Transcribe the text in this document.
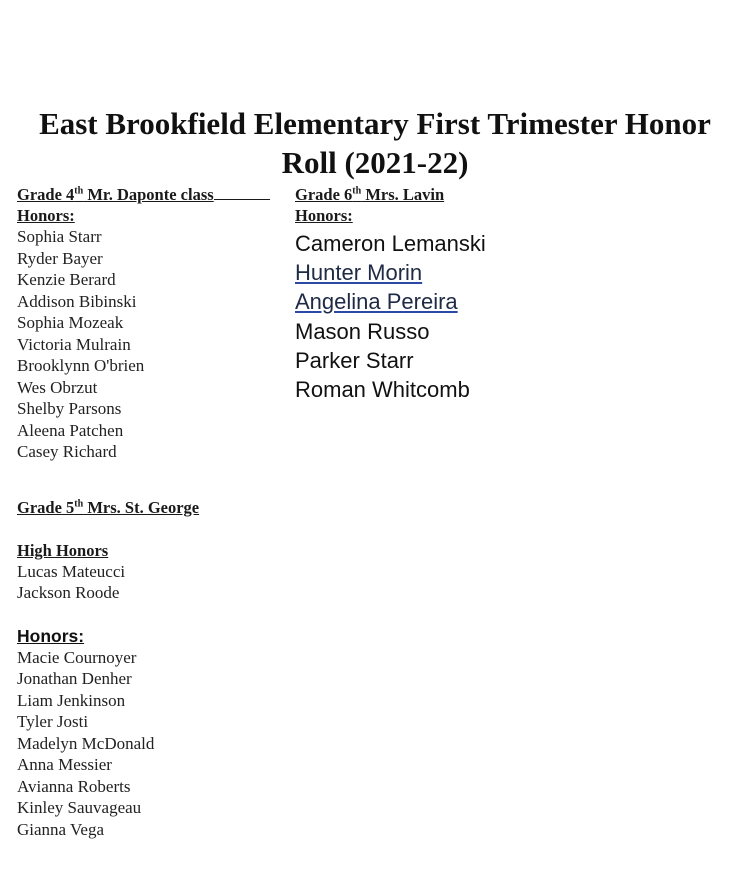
East Brookfield Elementary First Trimester Honor
Roll (2021-22)
Grade 4th Mr. Daponte class
Honors:
Sophia Starr
Ryder Bayer
Kenzie Berard
Addison Bibinski
Sophia Mozeak
Victoria Mulrain
Brooklynn O'brien
Wes Obrzut
Shelby Parsons
Aleena Patchen
Casey Richard
Grade 5th Mrs. St. George
High Honors
Lucas Mateucci
Jackson Roode
Honors:
Macie Cournoyer
Jonathan Denher
Liam Jenkinson
Tyler Josti
Madelyn McDonald
Anna Messier
Avianna Roberts
Kinley Sauvageau
Gianna Vega
Grade 6th Mrs. Lavin
Honors:
Cameron Lemanski
Hunter Morin
Angelina Pereira
Mason Russo
Parker Starr
Roman Whitcomb
